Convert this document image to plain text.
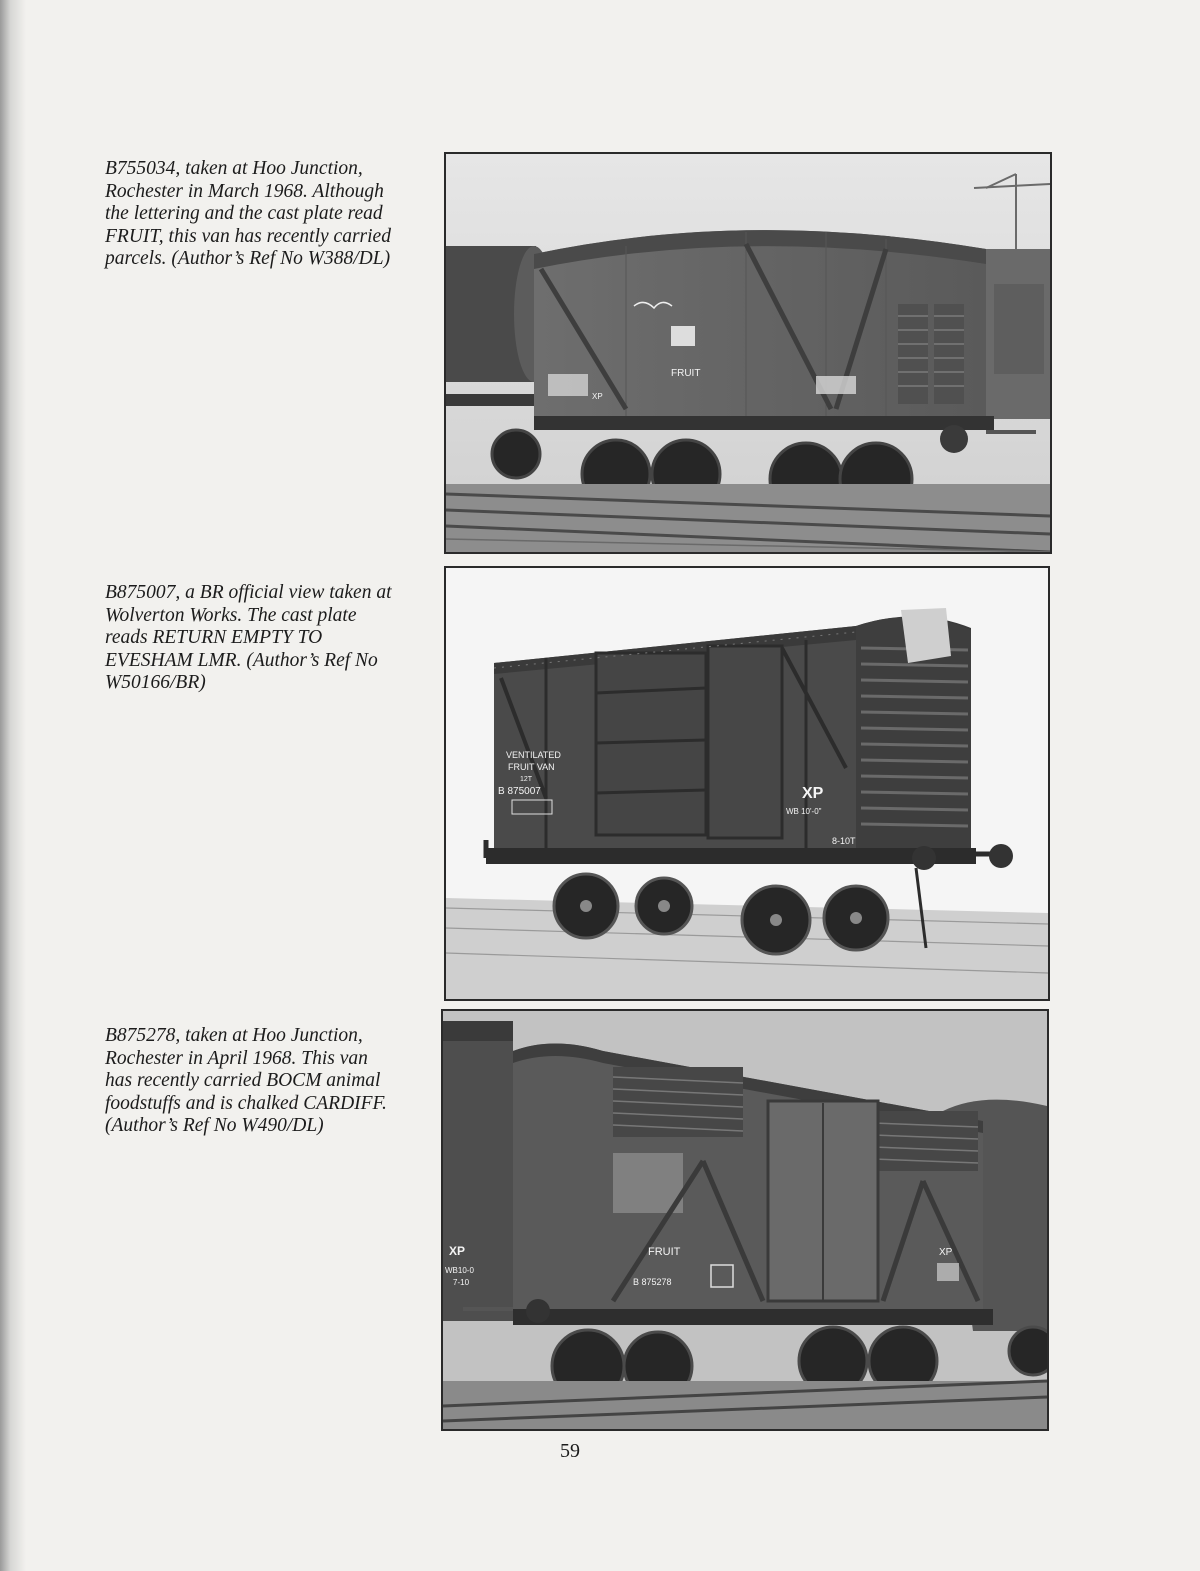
B755034, taken at Hoo Junction,

Rochester in March 1968. Although

the lettering and the cast plate read

FRUIT, this van has recently carried

parcels. (Author’s Ref No W388/DL)

FRUIT
XP

B875007, a BR official view taken at

Wolverton Works. The cast plate

reads RETURN EMPTY TO

EVESHAM LMR. (Author’s Ref No

W50166/BR)

VENTILATED
FRUIT VAN
12T
B 875007	XP
WB 10'-0"
8-10T

B875278, taken at Hoo Junction,

Rochester in April 1968. This van

has recently carried BOCM animal

foodstuffs and is chalked CARDIFF.

(Author’s Ref No W490/DL)

XP
WB10-0
7-10
FRUIT
B 875278
XP
59
